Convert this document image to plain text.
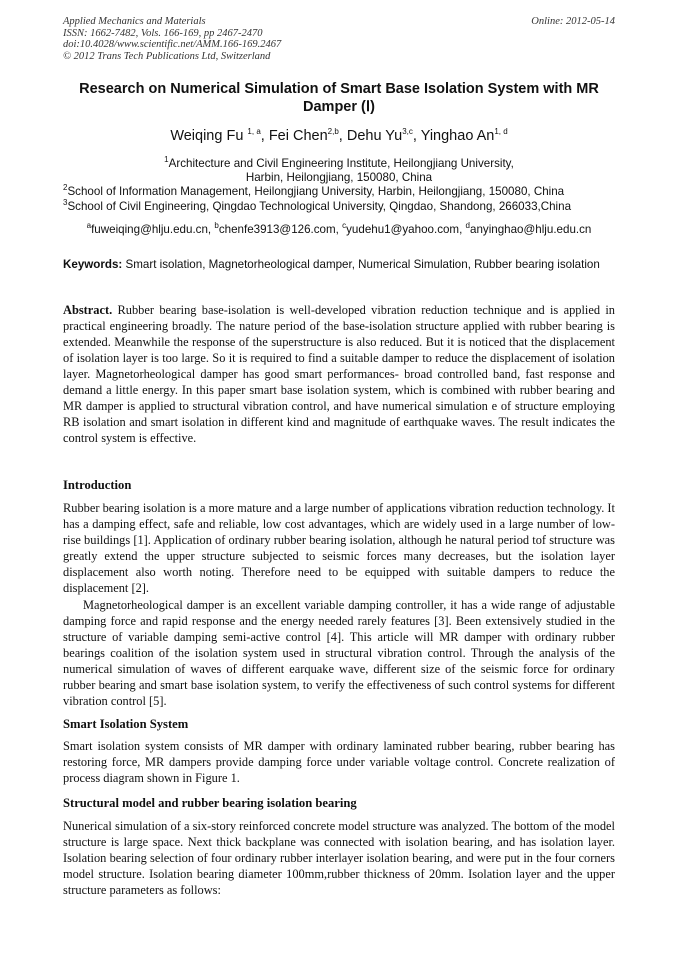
Applied Mechanics and Materials
ISSN: 1662-7482, Vols. 166-169, pp 2467-2470
doi:10.4028/www.scientific.net/AMM.166-169.2467
© 2012 Trans Tech Publications Ltd, Switzerland
Online: 2012-05-14
Research on Numerical Simulation of Smart Base Isolation System with MR Damper (Ⅰ)
Weiqing Fu $^{1, a}$, Fei Chen$^{2,b}$, Dehu Yu$^{3,c}$, Yinghao An$^{1, d}$
$^1$Architecture and Civil Engineering Institute, Heilongjiang University,
Harbin, Heilongjiang, 150080, China
$^2$School of Information Management, Heilongjiang University, Harbin, Heilongjiang, 150080, China
$^3$School of Civil Engineering, Qingdao Technological University, Qingdao, Shandong, 266033,China
$^a$fuweiqing@hlju.edu.cn, $^b$chenfe3913@126.com, $^c$yudehu1@yahoo.com, $^d$anyinghao@hlju.edu.cn
Keywords: Smart isolation, Magnetorheological damper, Numerical Simulation, Rubber bearing isolation

Abstract. Rubber bearing base-isolation is well-developed vibration reduction technique and is applied in practical engineering broadly. The nature period of the base-isolation structure applied with rubber bearing is extended. Meanwhile the response of the superstructure is also reduced. But it is noticed that the displacement of isolation layer is too large. So it is required to find a suitable damper to reduce the displacement of isolation layer. Magnetorheological damper has good smart performances- broad controlled band, fast response and demand a little energy. In this paper smart base isolation system, which is combined with rubber bearing and MR damper is applied to structural vibration control, and have numerical simulation e of structure employing RB isolation and smart isolation in different kind and magnitude of earthquake waves. The result indicates the control system is effective.

Introduction

Rubber bearing isolation is a more mature and a large number of applications vibration reduction technology. It has a damping effect, safe and reliable, low cost advantages, which are widely used in a large number of low-rise buildings [1]. Application of ordinary rubber bearing isolation, although he natural period tof structure was greatly extend the upper structure subjected to seismic forces many decreases, but the isolation layer displacement also worth noting. Therefore need to be equipped with suitable dampers to reduce the displacement [2].

Magnetorheological damper is an excellent variable damping controller, it has a wide range of adjustable damping force and rapid response and the energy needed rarely features [3]. Been extensively studied in the structure of variable damping semi-active control [4]. This article will MR damper with ordinary rubber bearings coalition of the isolation system used in structural vibration control. Through the analysis of the numerical simulation of waves of different earquake wave, different size of the seismic force for ordinary rubber bearing and smart base isolation system, to verify the effectiveness of such control systems for different vibration control [5].

Smart Isolation System

Smart isolation system consists of MR damper with ordinary laminated rubber bearing, rubber bearing has restoring force, MR dampers provide damping force under variable voltage control. Concrete realization of process diagram shown in Figure 1.

Structural model and rubber bearing isolation bearing

Nunerical simulation of a six-story reinforced concrete model structure was analyzed. The bottom of the model structure is large space. Next thick backplane was connected with isolation bearing, and has isolation layer. Isolation bearing selection of four ordinary rubber interlayer isolation bearing, and were put in the four corners model structure. Isolation bearing diameter 100mm,rubber thickness of 20mm. Isolation layer and the upper structure parameters as follows:
